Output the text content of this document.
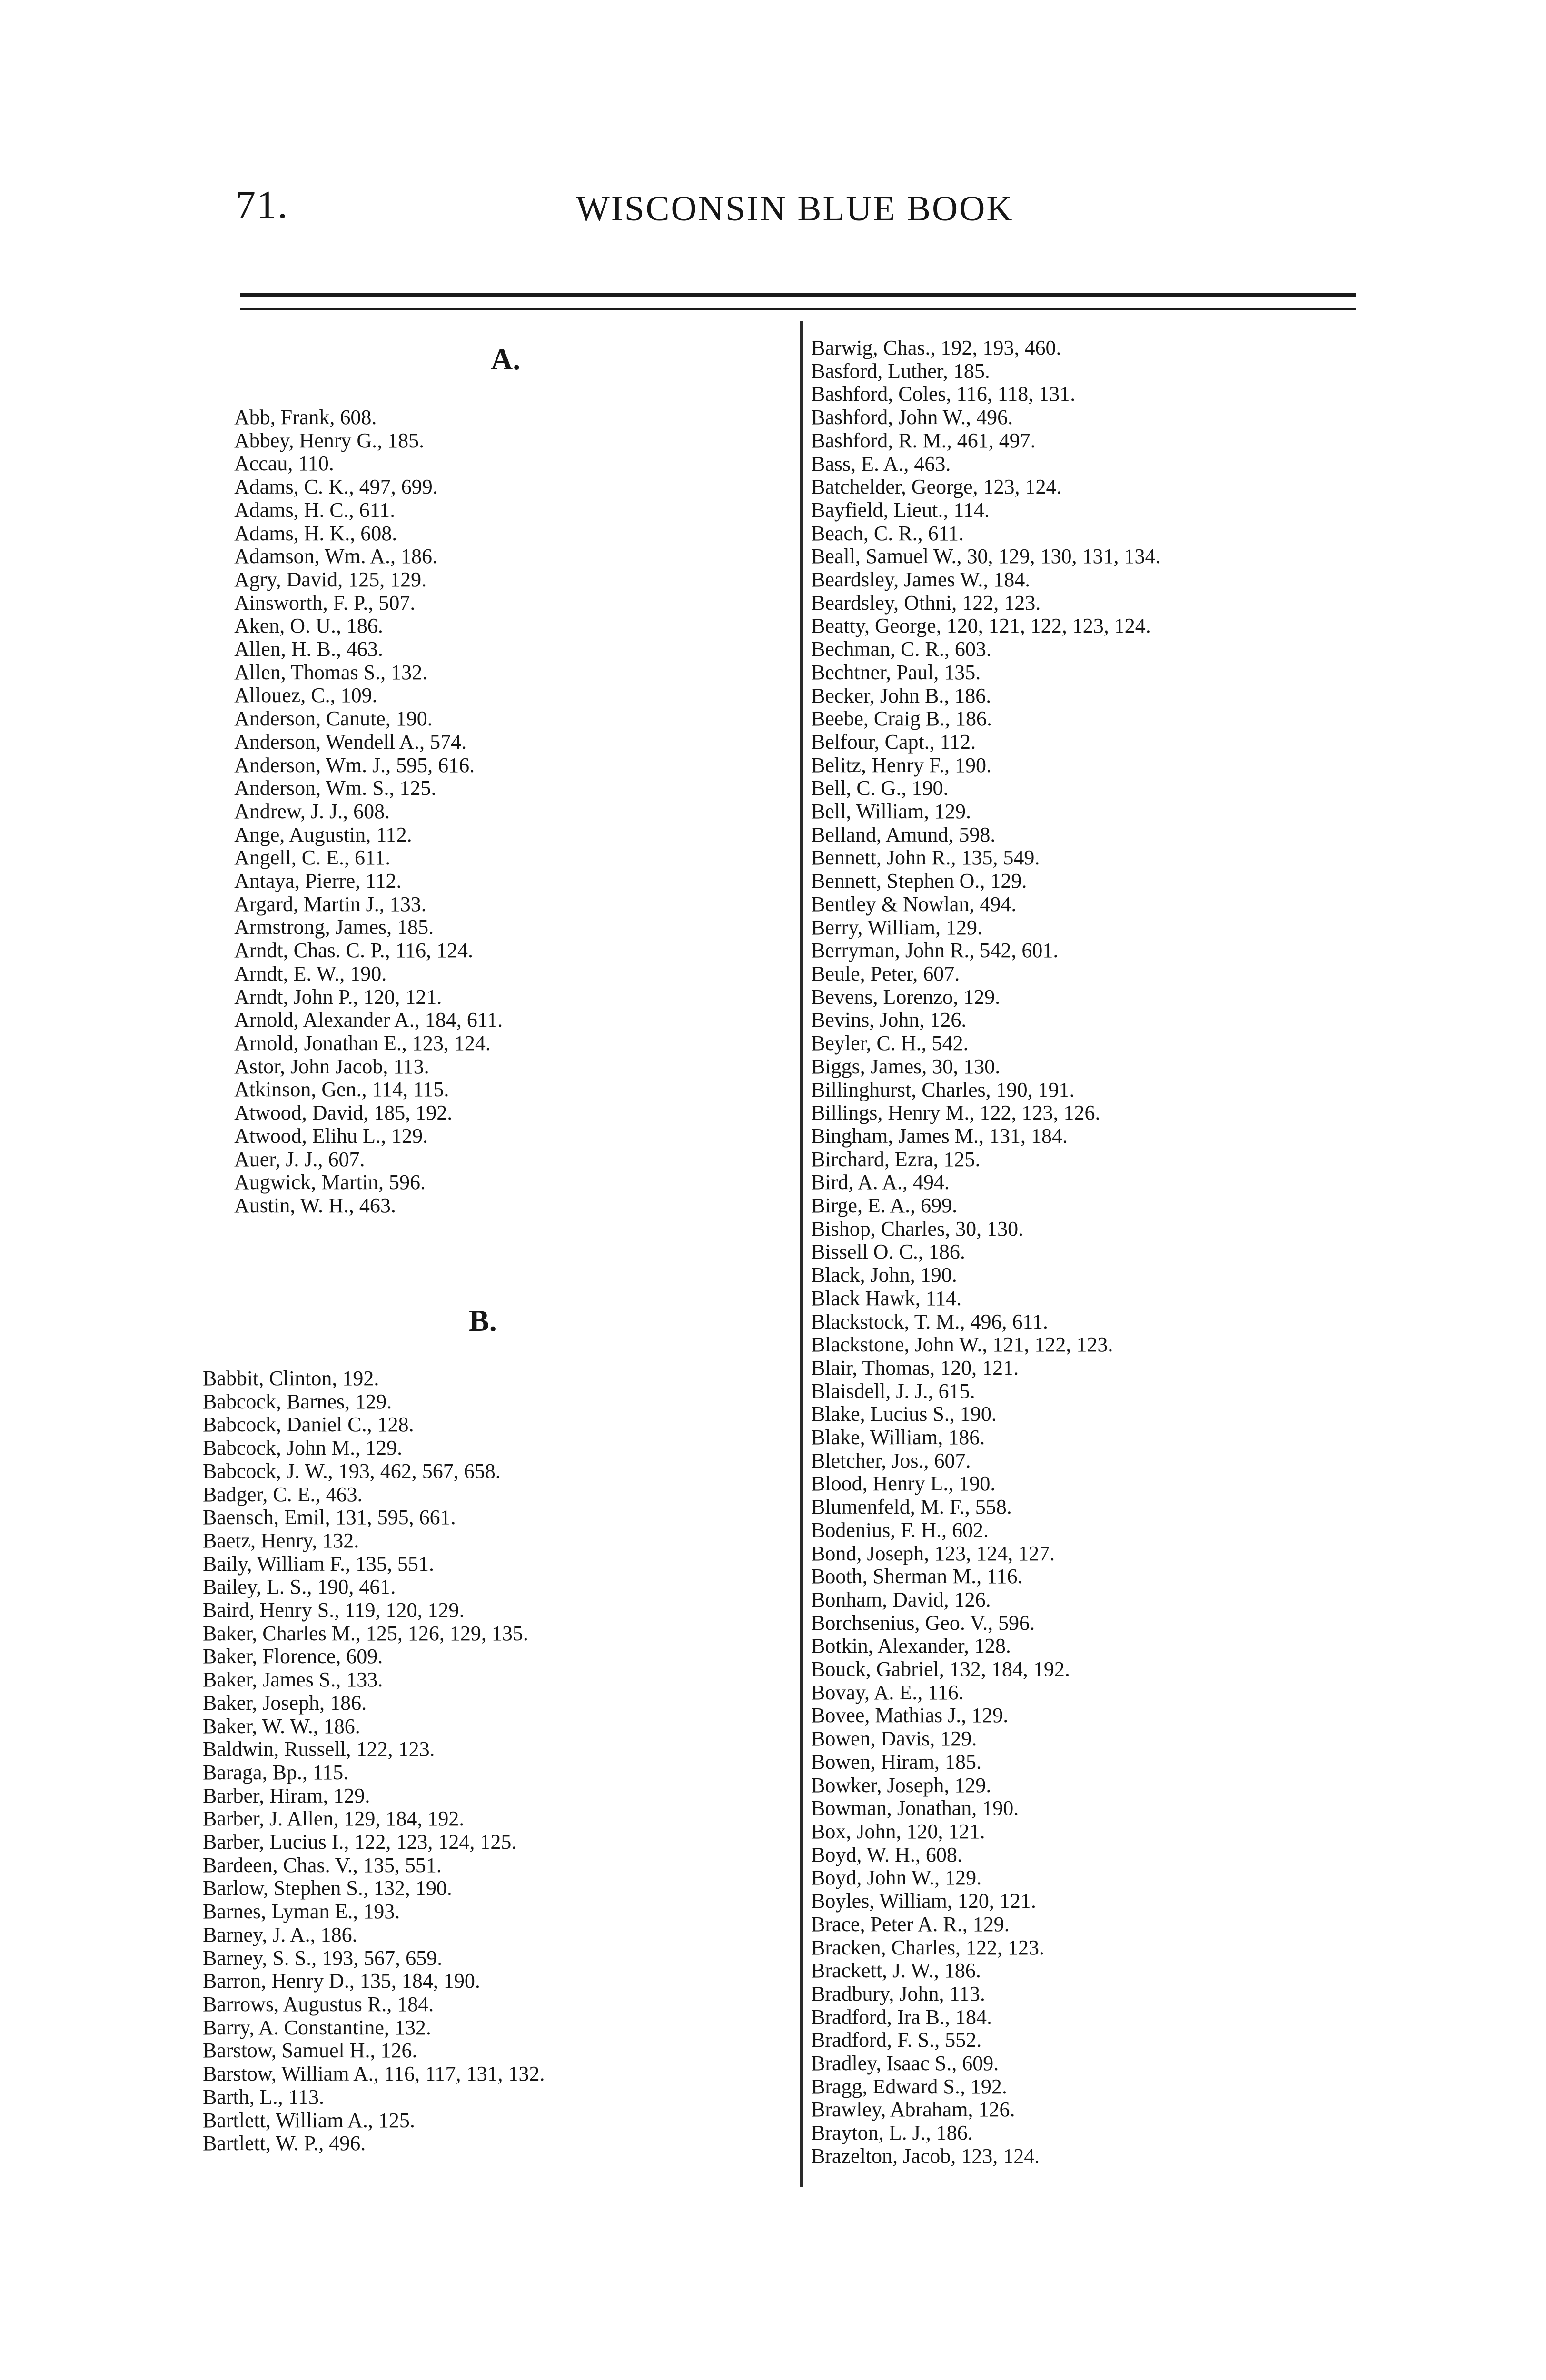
71.	WISCONSIN BLUE BOOK
A.
Abb, Frank, 608.
Abbey, Henry G., 185.
Accau, 110.
Adams, C. K., 497, 699.
Adams, H. C., 611.
Adams, H. K., 608.
Adamson, Wm. A., 186.
Agry, David, 125, 129.
Ainsworth, F. P., 507.
Aken, O. U., 186.
Allen, H. B., 463.
Allen, Thomas S., 132.
Allouez, C., 109.
Anderson, Canute, 190.
Anderson, Wendell A., 574.
Anderson, Wm. J., 595, 616.
Anderson, Wm. S., 125.
Andrew, J. J., 608.
Ange, Augustin, 112.
Angell, C. E., 611.
Antaya, Pierre, 112.
Argard, Martin J., 133.
Armstrong, James, 185.
Arndt, Chas. C. P., 116, 124.
Arndt, E. W., 190.
Arndt, John P., 120, 121.
Arnold, Alexander A., 184, 611.
Arnold, Jonathan E., 123, 124.
Astor, John Jacob, 113.
Atkinson, Gen., 114, 115.
Atwood, David, 185, 192.
Atwood, Elihu L., 129.
Auer, J. J., 607.
Augwick, Martin, 596.
Austin, W. H., 463.
B.
Babbit, Clinton, 192.
Babcock, Barnes, 129.
Babcock, Daniel C., 128.
Babcock, John M., 129.
Babcock, J. W., 193, 462, 567, 658.
Badger, C. E., 463.
Baensch, Emil, 131, 595, 661.
Baetz, Henry, 132.
Baily, William F., 135, 551.
Bailey, L. S., 190, 461.
Baird, Henry S., 119, 120, 129.
Baker, Charles M., 125, 126, 129, 135.
Baker, Florence, 609.
Baker, James S., 133.
Baker, Joseph, 186.
Baker, W. W., 186.
Baldwin, Russell, 122, 123.
Baraga, Bp., 115.
Barber, Hiram, 129.
Barber, J. Allen, 129, 184, 192.
Barber, Lucius I., 122, 123, 124, 125.
Bardeen, Chas. V., 135, 551.
Barlow, Stephen S., 132, 190.
Barnes, Lyman E., 193.
Barney, J. A., 186.
Barney, S. S., 193, 567, 659.
Barron, Henry D., 135, 184, 190.
Barrows, Augustus R., 184.
Barry, A. Constantine, 132.
Barstow, Samuel H., 126.
Barstow, William A., 116, 117, 131, 132.
Barth, L., 113.
Bartlett, William A., 125.
Bartlett, W. P., 496.
Barwig, Chas., 192, 193, 460.
Basford, Luther, 185.
Bashford, Coles, 116, 118, 131.
Bashford, John W., 496.
Bashford, R. M., 461, 497.
Bass, E. A., 463.
Batchelder, George, 123, 124.
Bayfield, Lieut., 114.
Beach, C. R., 611.
Beall, Samuel W., 30, 129, 130, 131, 134.
Beardsley, James W., 184.
Beardsley, Othni, 122, 123.
Beatty, George, 120, 121, 122, 123, 124.
Bechman, C. R., 603.
Bechtner, Paul, 135.
Becker, John B., 186.
Beebe, Craig B., 186.
Belfour, Capt., 112.
Belitz, Henry F., 190.
Bell, C. G., 190.
Bell, William, 129.
Belland, Amund, 598.
Bennett, John R., 135, 549.
Bennett, Stephen O., 129.
Bentley & Nowlan, 494.
Berry, William, 129.
Berryman, John R., 542, 601.
Beule, Peter, 607.
Bevens, Lorenzo, 129.
Bevins, John, 126.
Beyler, C. H., 542.
Biggs, James, 30, 130.
Billinghurst, Charles, 190, 191.
Billings, Henry M., 122, 123, 126.
Bingham, James M., 131, 184.
Birchard, Ezra, 125.
Bird, A. A., 494.
Birge, E. A., 699.
Bishop, Charles, 30, 130.
Bissell O. C., 186.
Black, John, 190.
Black Hawk, 114.
Blackstock, T. M., 496, 611.
Blackstone, John W., 121, 122, 123.
Blair, Thomas, 120, 121.
Blaisdell, J. J., 615.
Blake, Lucius S., 190.
Blake, William, 186.
Bletcher, Jos., 607.
Blood, Henry L., 190.
Blumenfeld, M. F., 558.
Bodenius, F. H., 602.
Bond, Joseph, 123, 124, 127.
Booth, Sherman M., 116.
Bonham, David, 126.
Borchsenius, Geo. V., 596.
Botkin, Alexander, 128.
Bouck, Gabriel, 132, 184, 192.
Bovay, A. E., 116.
Bovee, Mathias J., 129.
Bowen, Davis, 129.
Bowen, Hiram, 185.
Bowker, Joseph, 129.
Bowman, Jonathan, 190.
Box, John, 120, 121.
Boyd, W. H., 608.
Boyd, John W., 129.
Boyles, William, 120, 121.
Brace, Peter A. R., 129.
Bracken, Charles, 122, 123.
Brackett, J. W., 186.
Bradbury, John, 113.
Bradford, Ira B., 184.
Bradford, F. S., 552.
Bradley, Isaac S., 609.
Bragg, Edward S., 192.
Brawley, Abraham, 126.
Brayton, L. J., 186.
Brazelton, Jacob, 123, 124.
